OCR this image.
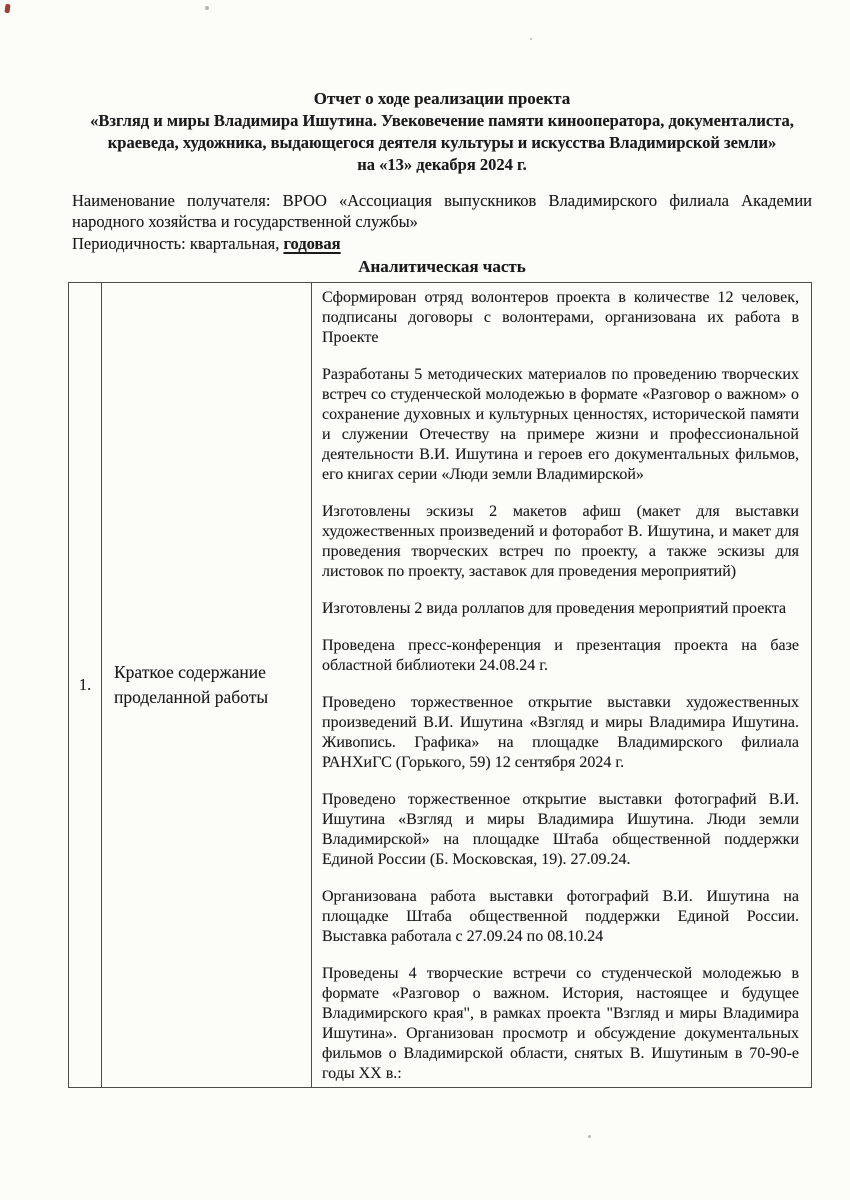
Отчет о ходе реализации проекта
«Взгляд и миры Владимира Ишутина. Увековечение памяти кинооператора, документалиста, краеведа, художника, выдающегося деятеля культуры и искусства Владимирской земли»
на «13» декабря 2024 г.

Наименование получателя: ВРОО «Ассоциация выпускников Владимирского филиала Академии народного хозяйства и государственной службы»

Периодичность: квартальная, годовая

Аналитическая часть
1.	Краткое содержание проделанной работы	

Сформирован отряд волонтеров проекта в количестве 12 человек, подписаны договоры с волонтерами, организована их работа в Проекте

Разработаны 5 методических материалов по проведению творческих встреч со студенческой молодежью в формате «Разговор о важном» о сохранение духовных и культурных ценностях, исторической памяти и служении Отечеству на примере жизни и профессиональной деятельности В.И. Ишутина и героев его документальных фильмов, его книгах серии «Люди земли Владимирской»

Изготовлены эскизы 2 макетов афиш (макет для выставки художественных произведений и фоторабот В. Ишутина, и макет для проведения творческих встреч по проекту, а также эскизы для листовок по проекту, заставок для проведения мероприятий)

Изготовлены 2 вида роллапов для проведения мероприятий проекта

Проведена пресс-конференция и презентация проекта на базе областной библиотеки 24.08.24 г.

Проведено торжественное открытие выставки художественных произведений В.И. Ишутина «Взгляд и миры Владимира Ишутина. Живопись. Графика» на площадке Владимирского филиала РАНХиГС (Горького, 59) 12 сентября 2024 г.

Проведено торжественное открытие выставки фотографий В.И. Ишутина «Взгляд и миры Владимира Ишутина. Люди земли Владимирской» на площадке Штаба общественной поддержки Единой России (Б. Московская, 19). 27.09.24.

Организована работа выставки фотографий В.И. Ишутина на площадке Штаба общественной поддержки Единой России. Выставка работала с 27.09.24 по 08.10.24

Проведены 4 творческие встречи со студенческой молодежью в формате «Разговор о важном. История, настоящее и будущее Владимирского края", в рамках проекта "Взгляд и миры Владимира Ишутина». Организован просмотр и обсуждение документальных фильмов о Владимирской области, снятых В. Ишутиным в 70-90-е годы XX в.:
